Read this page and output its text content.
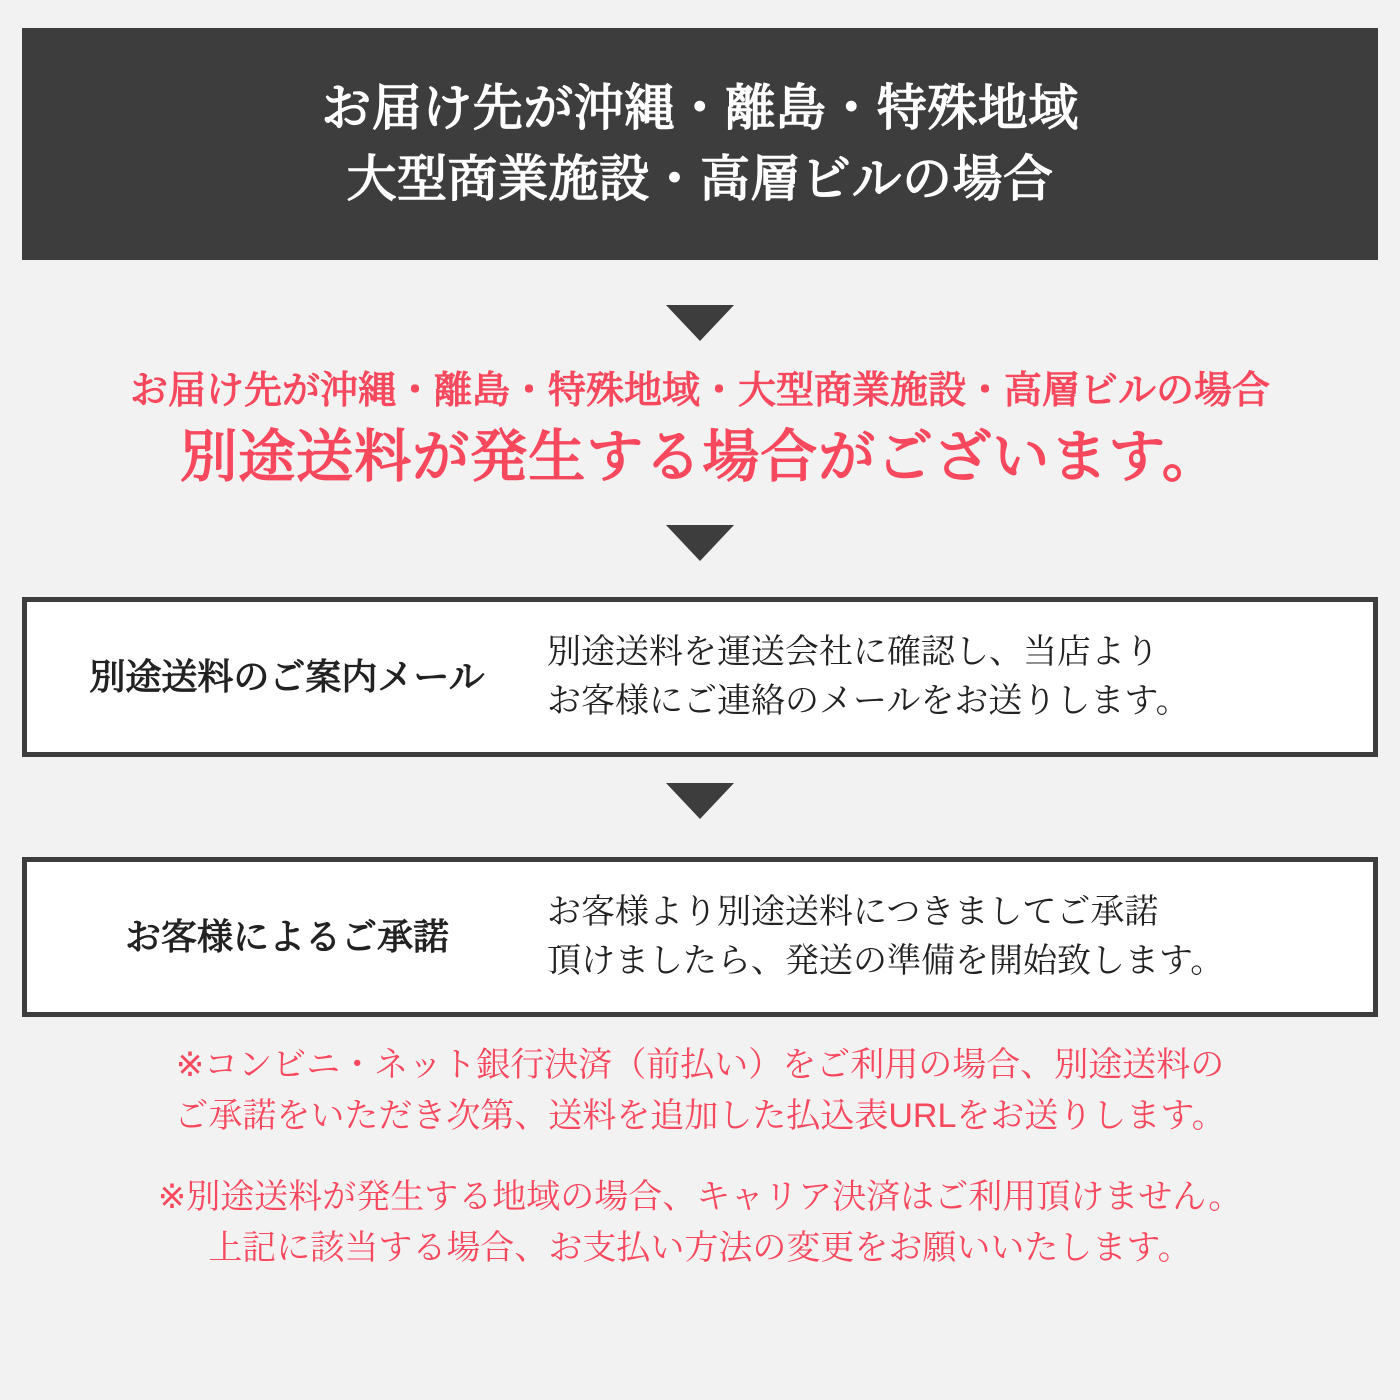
お届け先が沖縄・離島・特殊地域
大型商業施設・高層ビルの場合
お届け先が沖縄・離島・特殊地域・大型商業施設・高層ビルの場合
別途送料が発生する場合がございます。
別途送料のご案内メール
別途送料を運送会社に確認し、当店より
お客様にご連絡のメールをお送りします。
お客様によるご承諾
お客様より別途送料につきましてご承諾
頂けましたら、発送の準備を開始致します。
※コンビニ・ネット銀行決済（前払い）をご利用の場合、別途送料の
ご承諾をいただき次第、送料を追加した払込表URLをお送りします。
※別途送料が発生する地域の場合、キャリア決済はご利用頂けません。
上記に該当する場合、お支払い方法の変更をお願いいたします。
